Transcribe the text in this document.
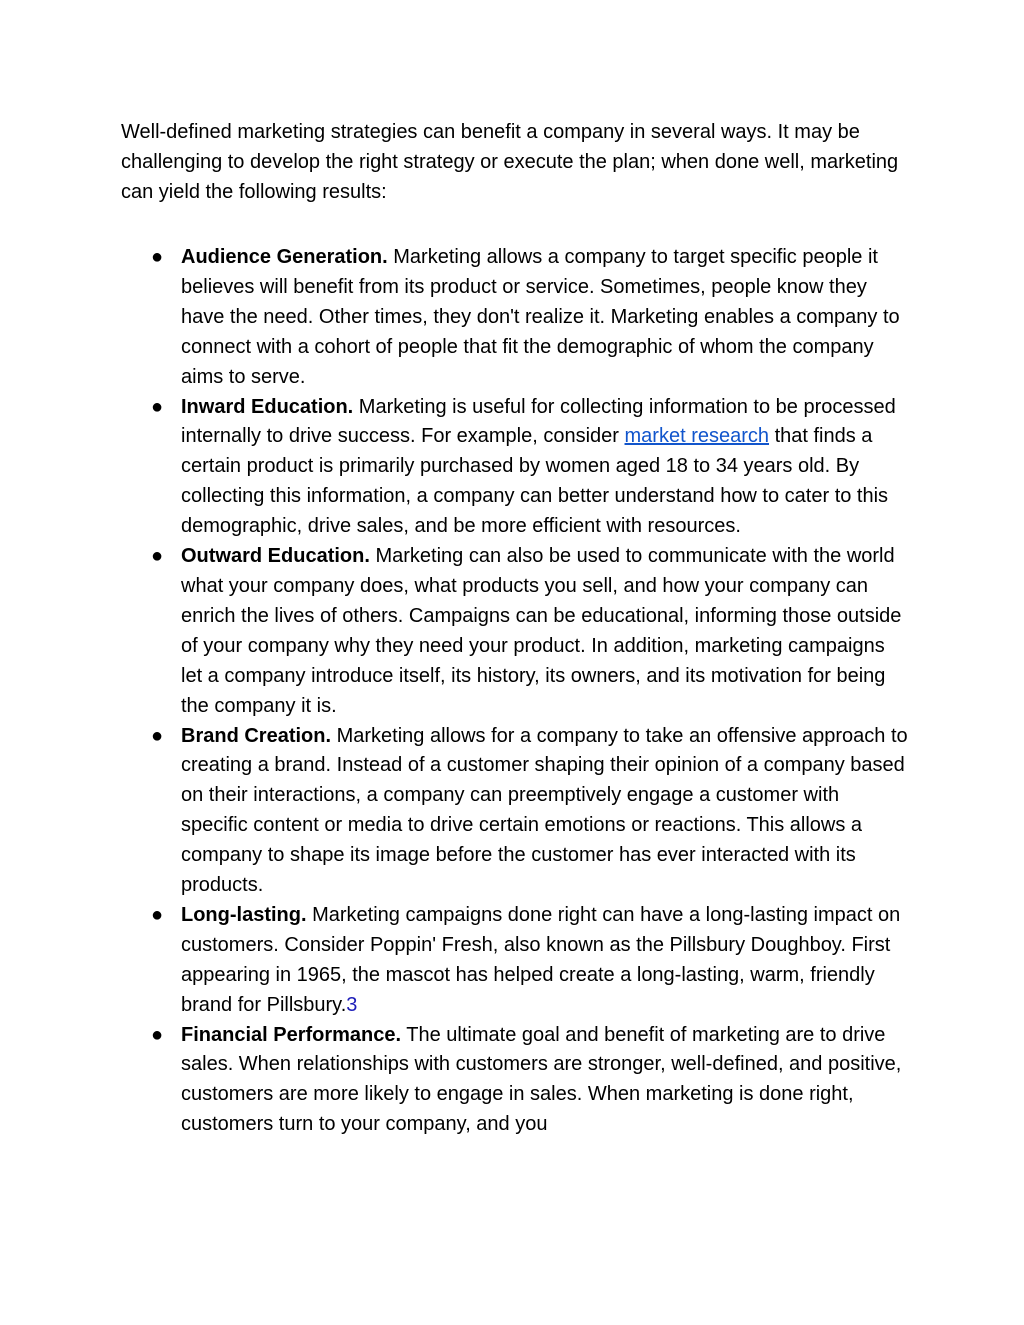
Well-defined marketing strategies can benefit a company in several ways. It may be challenging to develop the right strategy or execute the plan; when done well, marketing can yield the following results:

● Audience Generation. Marketing allows a company to target specific people it believes will benefit from its product or service. Sometimes, people know they have the need. Other times, they don't realize it. Marketing enables a company to connect with a cohort of people that fit the demographic of whom the company aims to serve.
● Inward Education. Marketing is useful for collecting information to be processed internally to drive success. For example, consider market research that finds a certain product is primarily purchased by women aged 18 to 34 years old. By collecting this information, a company can better understand how to cater to this demographic, drive sales, and be more efficient with resources.
● Outward Education. Marketing can also be used to communicate with the world what your company does, what products you sell, and how your company can enrich the lives of others. Campaigns can be educational, informing those outside of your company why they need your product. In addition, marketing campaigns let a company introduce itself, its history, its owners, and its motivation for being the company it is.
● Brand Creation. Marketing allows for a company to take an offensive approach to creating a brand. Instead of a customer shaping their opinion of a company based on their interactions, a company can preemptively engage a customer with specific content or media to drive certain emotions or reactions. This allows a company to shape its image before the customer has ever interacted with its products.
● Long-lasting. Marketing campaigns done right can have a long-lasting impact on customers. Consider Poppin' Fresh, also known as the Pillsbury Doughboy. First appearing in 1965, the mascot has helped create a long-lasting, warm, friendly brand for Pillsbury.3
● Financial Performance. The ultimate goal and benefit of marketing are to drive sales. When relationships with customers are stronger, well-defined, and positive, customers are more likely to engage in sales. When marketing is done right, customers turn to your company, and you
